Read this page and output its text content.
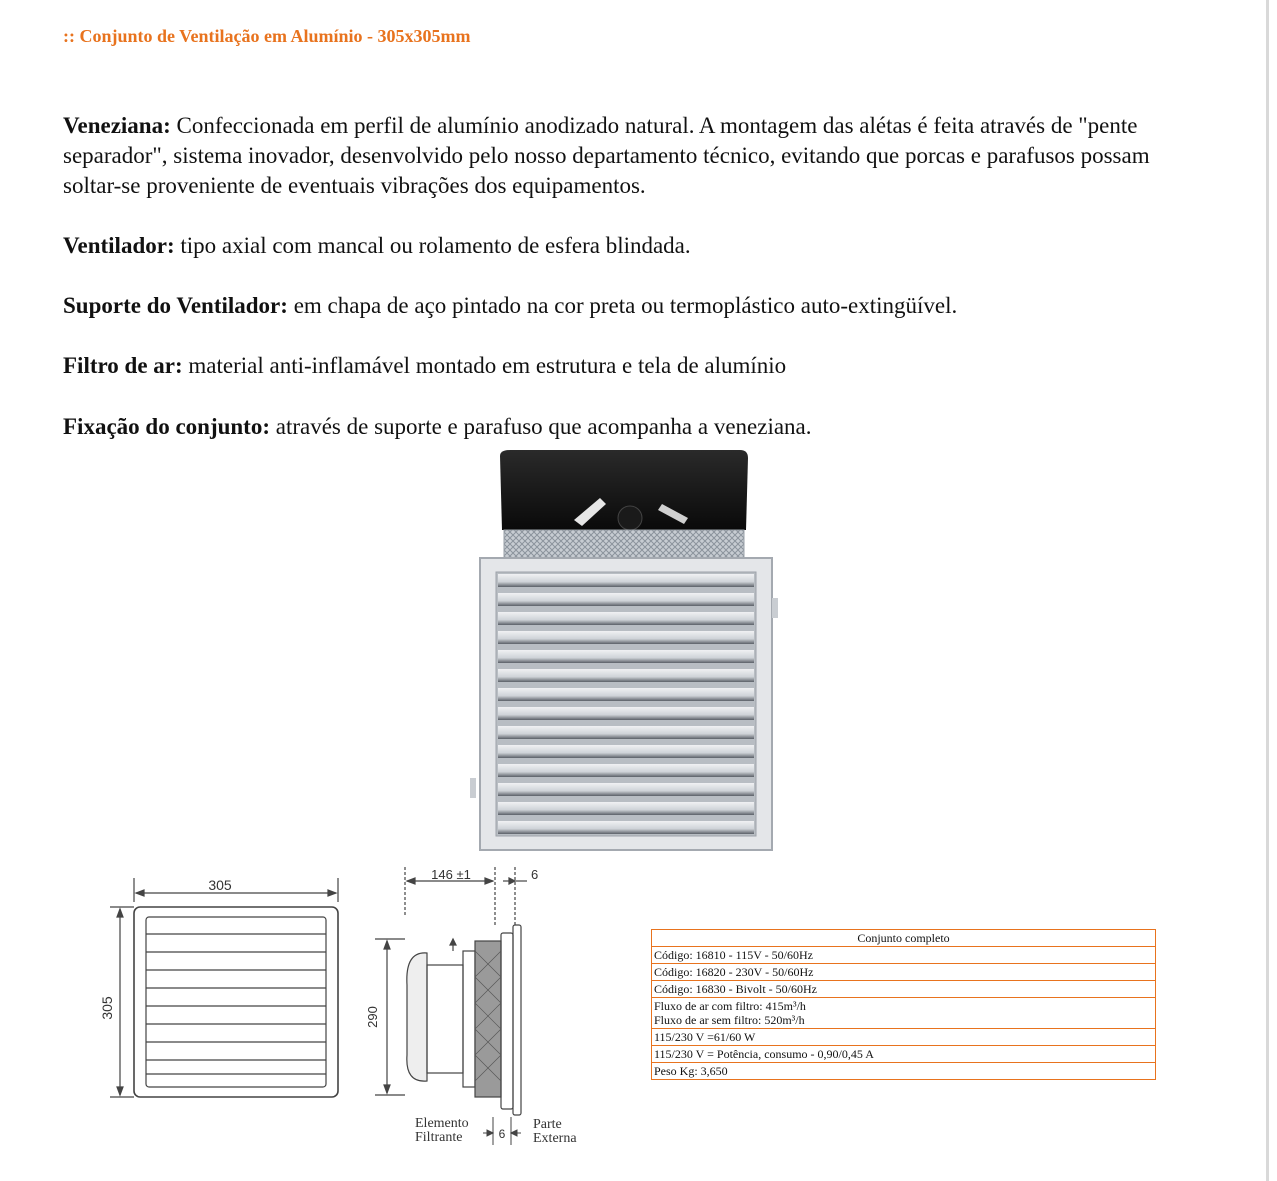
:: Conjunto de Ventilação em Alumínio - 305x305mm

Veneziana: Confeccionada em perfil de alumínio anodizado natural. A montagem das alétas é feita através de "pente separador", sistema inovador, desenvolvido pelo nosso departamento técnico, evitando que porcas e parafusos possam soltar-se proveniente de eventuais vibrações dos equipamentos.

Ventilador: tipo axial com mancal ou rolamento de esfera blindada.

Suporte do Ventilador: em chapa de aço pintado na cor preta ou termoplástico auto-extingüível.

Filtro de ar: material anti-inflamável montado em estrutura e tela de alumínio

Fixação do conjunto: através de suporte e parafuso que acompanha a veneziana.

305
305
146 ±1	6
290
6
Elemento
Filtrante
Parte
Externa
Conjunto completo
Código: 16810 - 115V - 50/60Hz
Código: 16820 - 230V - 50/60Hz
Código: 16830 - Bivolt - 50/60Hz

Fluxo de ar com filtro: 415m³/h
Fluxo de ar sem filtro: 520m³/h

115/230 V =61/60 W
115/230 V = Potência, consumo - 0,90/0,45 A
Peso Kg: 3,650
